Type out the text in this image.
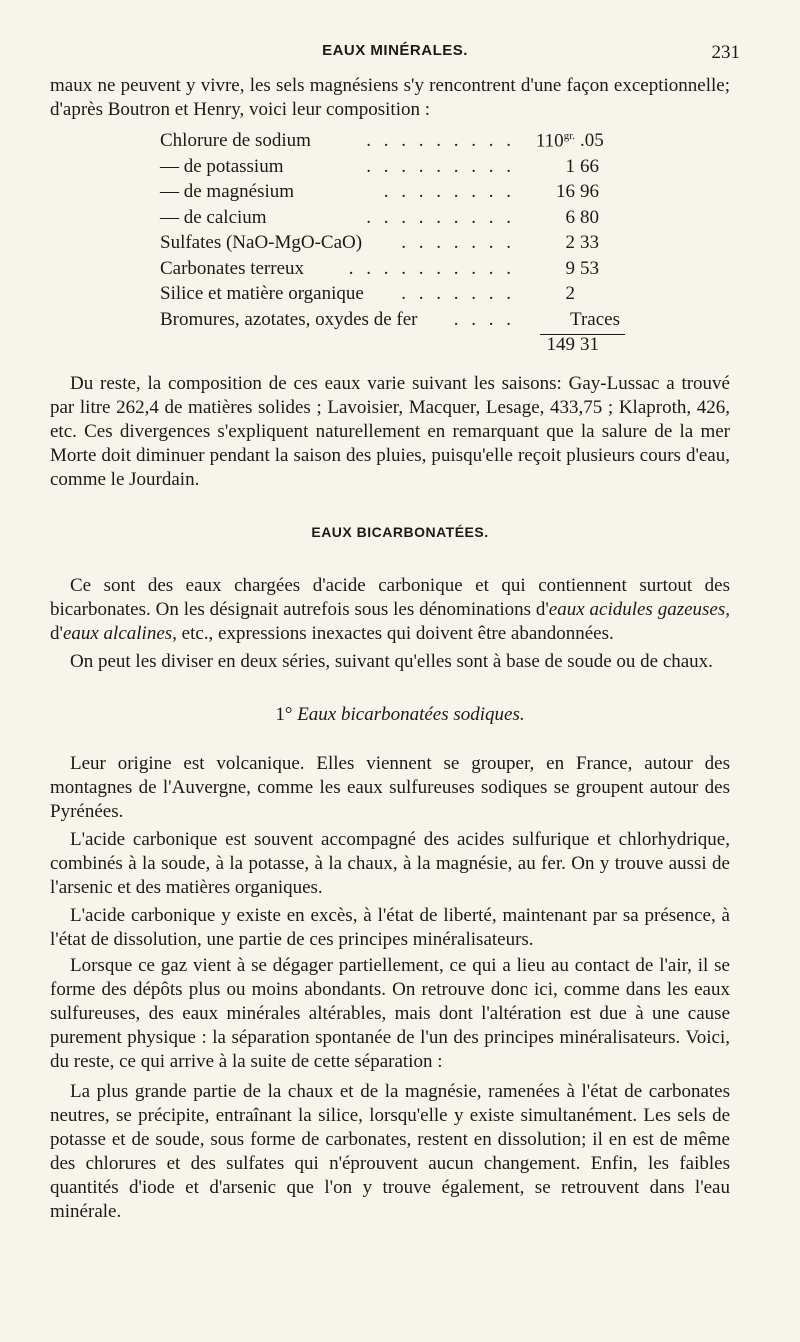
EAUX MINÉRALES.	231

maux ne peuvent y vivre, les sels magnésiens s'y rencontrent d'une façon exceptionnelle; d'après Boutron et Henry, voici leur composition :

Chlorure de sodium	. . . . . . . . .	$110^{gr.}$ .05
— de potassium	. . . . . . . . .	1 66
— de magnésium	. . . . . . . .	16 96
— de calcium	. . . . . . . . .	6 80
Sulfates (NaO-MgO-CaO) . . . . . . .	2 33
Carbonates terreux . . . . . . . . . .	9 53
Silice et matière organique . . . . . . .	2
Bromures, azotates, oxydes de fer . . . .	Traces
149 31

Du reste, la composition de ces eaux varie suivant les saisons: Gay-Lussac a trouvé par litre 262,4 de matières solides ; Lavoisier, Macquer, Lesage, 433,75 ; Klaproth, 426, etc. Ces divergences s'expliquent naturellement en remarquant que la salure de la mer Morte doit diminuer pendant la saison des pluies, puisqu'elle reçoit plusieurs cours d'eau, comme le Jourdain.

EAUX BICARBONATÉES.

Ce sont des eaux chargées d'acide carbonique et qui contiennent surtout des bicarbonates. On les désignait autrefois sous les dénominations d'eaux acidules gazeuses, d'eaux alcalines, etc., expressions inexactes qui doivent être abandonnées.

On peut les diviser en deux séries, suivant qu'elles sont à base de soude ou de chaux.

1° Eaux bicarbonatées sodiques.

Leur origine est volcanique. Elles viennent se grouper, en France, autour des montagnes de l'Auvergne, comme les eaux sulfureuses sodiques se groupent autour des Pyrénées.

L'acide carbonique est souvent accompagné des acides sulfurique et chlorhydrique, combinés à la soude, à la potasse, à la chaux, à la magnésie, au fer. On y trouve aussi de l'arsenic et des matières organiques.

L'acide carbonique y existe en excès, à l'état de liberté, maintenant par sa présence, à l'état de dissolution, une partie de ces principes minéralisateurs.

Lorsque ce gaz vient à se dégager partiellement, ce qui a lieu au contact de l'air, il se forme des dépôts plus ou moins abondants. On retrouve donc ici, comme dans les eaux sulfureuses, des eaux minérales altérables, mais dont l'altération est due à une cause purement physique : la séparation spontanée de l'un des principes minéralisateurs. Voici, du reste, ce qui arrive à la suite de cette séparation :

La plus grande partie de la chaux et de la magnésie, ramenées à l'état de carbonates neutres, se précipite, entraînant la silice, lorsqu'elle y existe simultanément. Les sels de potasse et de soude, sous forme de carbonates, restent en dissolution; il en est de même des chlorures et des sulfates qui n'éprouvent aucun changement. Enfin, les faibles quantités d'iode et d'arsenic que l'on y trouve également, se retrouvent dans l'eau minérale.
